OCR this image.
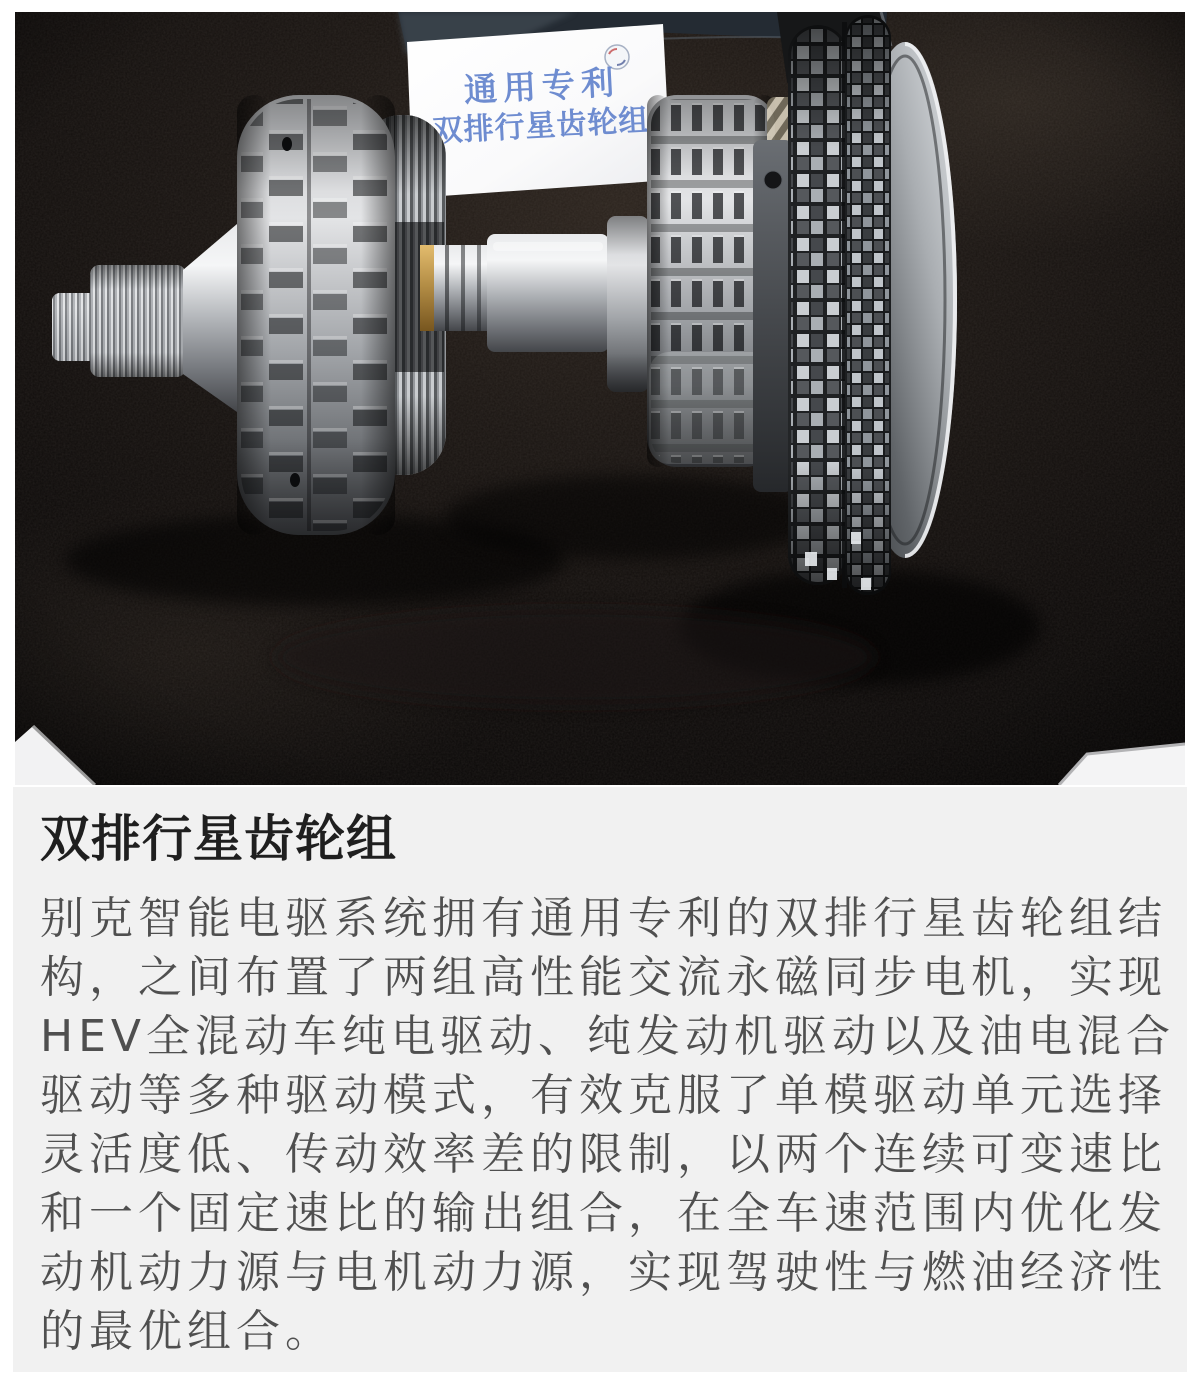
双排行星齿轮组

别克智能电驱系统拥有通用专利的双排行星齿轮组结构，之间布置了两组高性能交流永磁同步电机，实现HEV全混动车纯电驱动、纯发动机驱动以及油电混合驱动等多种驱动模式，有效克服了单模驱动单元选择灵活度低、传动效率差的限制，以两个连续可变速比和一个固定速比的输出组合，在全车速范围内优化发动机动力源与电机动力源，实现驾驶性与燃油经济性的最优组合。
